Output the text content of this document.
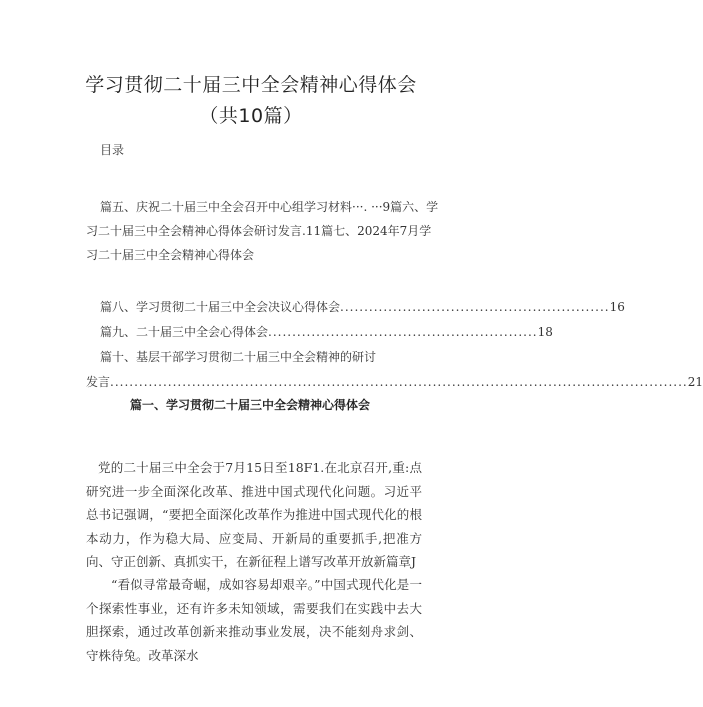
学习贯彻二十届三中全会精神心得体会（共10篇）
目录
篇五、庆祝二十届三中全会召开中心组学习材料···. ···9篇六、学
习二十届三中全会精神心得体会研讨发言.11篇七、2024年7月学
习二十届三中全会精神心得体会
篇八、学习贯彻二十届三中全会决议心得体会 ........................................................ 16
篇九、二十届三中全会心得体会 ........................................................ 18
篇一、学习贯彻二十届三中全会精神心得体会
党的二十届三中全会于7月15日至18F1.在北京召开,重:点研究进一步全面深化改革、推进中国式现代化问题。习近平总书记强调，“要把全面深化改革作为推进中国式现代化的根本动力，作为稳大局、应变局、开新局的重要抓手,把准方向、守正创新、真抓实干，在新征程上谱写改革开放新篇章J
“看似寻常最奇崛，成如容易却艰辛。”中国式现代化是一个探索性事业，还有许多未知领域，需要我们在实践中去大胆探索，通过改革创新来推动事业发展，决不能刻舟求剑、守株待兔。改革深水
篇十、基层干部学习贯彻二十届三中全会精神的研讨
发言 ........................................................................................................................ 21
